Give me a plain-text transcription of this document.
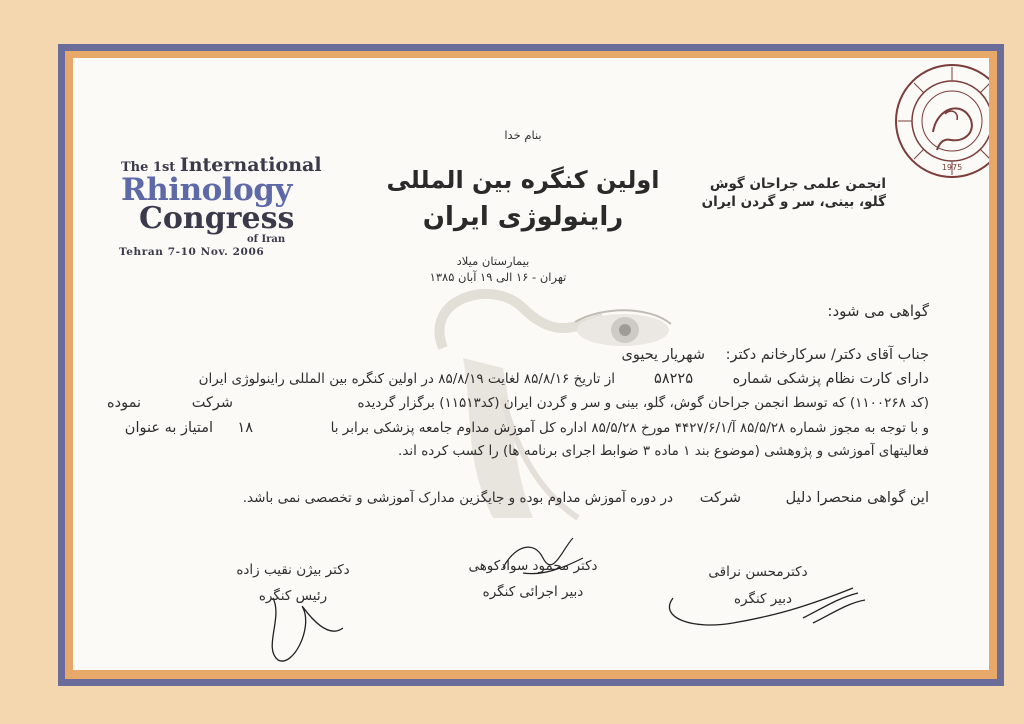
The 1st International
Rhinology
Congress
of Iran
Tehran 7-10 Nov. 2006
1975
بنام خدا
اولین کنگره بین المللی
راینولوژی ایران
بیمارستان میلاد
تهران - ۱۶ الی ۱۹ آبان ۱۳۸۵
انجمن علمی جراحان گوش
گلو، بینی، سر و گردن ایران
گواهی می شود:
جناب آقای دکتر/ سرکارخانم دکتر:
شهریار یحیوی
دارای کارت نظام پزشکی شماره
۵۸۲۲۵
از تاریخ ۸۵/۸/۱۶ لغایت ۸۵/۸/۱۹ در اولین کنگره بین المللی راینولوژی ایران
(کد ۱۱۰۰۲۶۸) که توسط انجمن جراحان گوش، گلو، بینی و سر و گردن ایران (کد۱۱۵۱۳) برگزار گردیده
شرکت
نموده
و با توجه به مجوز شماره ۸۵/۵/۲۸ آ/۴۴۲۷/۶/۱ مورخ ۸۵/۵/۲۸ اداره کل آموزش مداوم جامعه پزشکی برابر با
۱۸
امتیاز به عنوان
فعالیتهای آموزشی و پژوهشی (موضوع بند ۱ ماده ۳ ضوابط اجرای برنامه ها) را کسب کرده اند.
این گواهی منحصرا دلیل
شرکت
در دوره آموزش مداوم بوده و جایگزین مدارک آموزشی و تخصصی نمی باشد.
دکتر بیژن نقیب زاده
رئیس کنگره
دکتر محمود سوادکوهی
دبیر اجرائی کنگره
دکترمحسن نراقی
دبیر کنگره
